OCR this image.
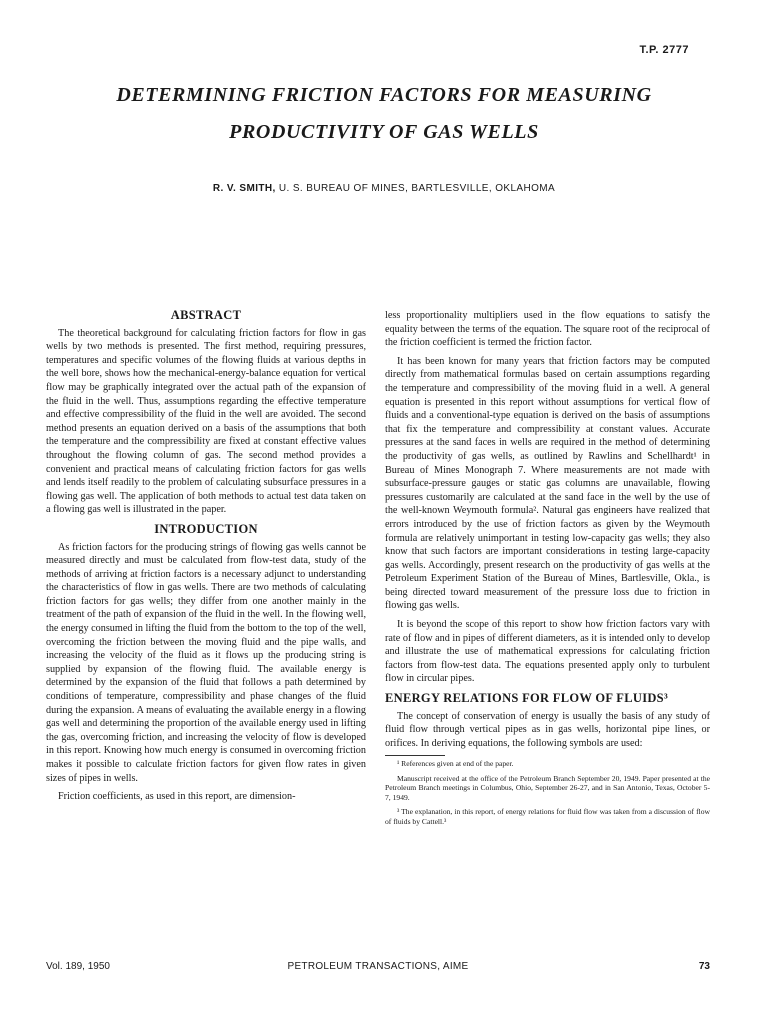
T.P. 2777
DETERMINING FRICTION FACTORS FOR MEASURING
PRODUCTIVITY OF GAS WELLS
R. V. SMITH, U. S. BUREAU OF MINES, BARTLESVILLE, OKLAHOMA
ABSTRACT

The theoretical background for calculating friction factors for flow in gas wells by two methods is presented. The first method, requiring pressures, temperatures and specific volumes of the flowing fluids at various depths in the well bore, shows how the mechanical-energy-balance equation for vertical flow may be graphically integrated over the actual path of the expansion of the fluid in the well. Thus, assumptions regarding the effective temperature and effective compressibility of the fluid in the well are avoided. The second method presents an equation derived on a basis of the assumptions that both the temperature and the compressibility are fixed at constant effective values throughout the flowing column of gas. The second method provides a convenient and practical means of calculating friction factors for gas wells and lends itself readily to the problem of calculating subsurface pressures in a flowing gas well. The application of both methods to actual test data taken on a flowing gas well is illustrated in the paper.

INTRODUCTION

As friction factors for the producing strings of flowing gas wells cannot be measured directly and must be calculated from flow-test data, study of the methods of arriving at friction factors is a necessary adjunct to understanding the characteristics of flow in gas wells. There are two methods of calculating friction factors for gas wells; they differ from one another mainly in the treatment of the path of expansion of the fluid in the well. In the flowing well, the energy consumed in lifting the fluid from the bottom to the top of the well, overcoming the friction between the moving fluid and the pipe walls, and increasing the velocity of the fluid as it flows up the producing string is supplied by expansion of the flowing fluid. The available energy is determined by the expansion of the fluid that follows a path determined by conditions of temperature, compressibility and phase changes of the fluid during the expansion. A means of evaluating the available energy in a flowing gas well and determining the proportion of the available energy used in lifting the gas, overcoming friction, and increasing the velocity of flow is developed in this report. Knowing how much energy is consumed in overcoming friction makes it possible to calculate friction factors for given flow rates in given sizes of pipes in wells.

Friction coefficients, as used in this report, are dimension-

less proportionality multipliers used in the flow equations to satisfy the equality between the terms of the equation. The square root of the reciprocal of the friction coefficient is termed the friction factor.

It has been known for many years that friction factors may be computed directly from mathematical formulas based on certain assumptions regarding the temperature and compressibility of the moving fluid in a well. A general equation is presented in this report without assumptions for vertical flow of fluids and a conventional-type equation is derived on the basis of assumptions that fix the temperature and compressibility at constant values. Accurate pressures at the sand faces in wells are required in the method of determining the productivity of gas wells, as outlined by Rawlins and Schellhardt¹ in Bureau of Mines Monograph 7. Where measurements are not made with subsurface-pressure gauges or static gas columns are unavailable, flowing pressures customarily are calculated at the sand face in the well by the use of the well-known Weymouth formula². Natural gas engineers have realized that errors introduced by the use of friction factors as given by the Weymouth formula are relatively unimportant in testing low-capacity gas wells; they also know that such factors are important considerations in testing large-capacity gas wells. Accordingly, present research on the productivity of gas wells at the Petroleum Experiment Station of the Bureau of Mines, Bartlesville, Okla., is being directed toward measurement of the pressure loss due to friction in flowing gas wells.

It is beyond the scope of this report to show how friction factors vary with rate of flow and in pipes of different diameters, as it is intended only to develop and illustrate the use of mathematical expressions for calculating friction factors from flow-test data. The equations presented apply only to turbulent flow in circular pipes.

ENERGY RELATIONS FOR FLOW OF FLUIDS³

The concept of conservation of energy is usually the basis of any study of fluid flow through vertical pipes as in gas wells, horizontal pipe lines, or orifices. In deriving equations, the following symbols are used:

¹ References given at end of the paper.

Manuscript received at the office of the Petroleum Branch September 20, 1949. Paper presented at the Petroleum Branch meetings in Columbus, Ohio, September 26-27, and in San Antonio, Texas, October 5-7, 1949.

³ The explanation, in this report, of energy relations for fluid flow was taken from a discussion of flow of fluids by Cattell.³

PETROLEUM TRANSACTIONS, AIME
Vol. 189, 1950	73
